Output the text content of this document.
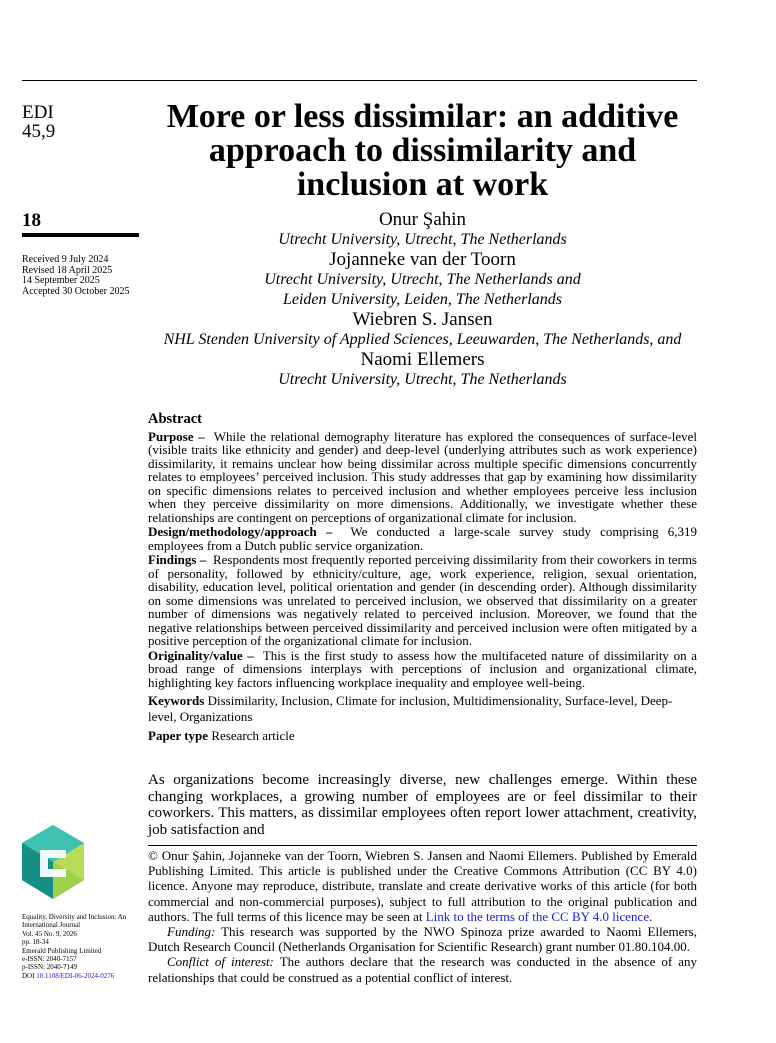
EDI
45,9
18
Received 9 July 2024
Revised 18 April 2025
14 September 2025
Accepted 30 October 2025
Equality, Diversity and Inclusion: An International Journal
Vol. 45 No. 9, 2026
pp. 18-34
Emerald Publishing Limited
e-ISSN: 2040-7157
p-ISSN: 2040-7149
DOI 10.1108/EDI-06-2024-0276
More or less dissimilar: an additive approach to dissimilarity and inclusion at work
Onur Şahin
Utrecht University, Utrecht, The Netherlands
Jojanneke van der Toorn
Utrecht University, Utrecht, The Netherlands and
Leiden University, Leiden, The Netherlands
Wiebren S. Jansen
NHL Stenden University of Applied Sciences, Leeuwarden, The Netherlands, and
Naomi Ellemers
Utrecht University, Utrecht, The Netherlands
Abstract

Purpose – While the relational demography literature has explored the consequences of surface-level (visible traits like ethnicity and gender) and deep-level (underlying attributes such as work experience) dissimilarity, it remains unclear how being dissimilar across multiple specific dimensions concurrently relates to employees’ perceived inclusion. This study addresses that gap by examining how dissimilarity on specific dimensions relates to perceived inclusion and whether employees perceive less inclusion when they perceive dissimilarity on more dimensions. Additionally, we investigate whether these relationships are contingent on perceptions of organizational climate for inclusion.

Design/methodology/approach – We conducted a large-scale survey study comprising 6,319 employees from a Dutch public service organization.

Findings – Respondents most frequently reported perceiving dissimilarity from their coworkers in terms of personality, followed by ethnicity/culture, age, work experience, religion, sexual orientation, disability, education level, political orientation and gender (in descending order). Although dissimilarity on some dimensions was unrelated to perceived inclusion, we observed that dissimilarity on a greater number of dimensions was negatively related to perceived inclusion. Moreover, we found that the negative relationships between perceived dissimilarity and perceived inclusion were often mitigated by a positive perception of the organizational climate for inclusion.

Originality/value – This is the first study to assess how the multifaceted nature of dissimilarity on a broad range of dimensions interplays with perceptions of inclusion and organizational climate, highlighting key factors influencing workplace inequality and employee well-being.

Keywords Dissimilarity, Inclusion, Climate for inclusion, Multidimensionality, Surface-level, Deep-level, Organizations
Paper type Research article
As organizations become increasingly diverse, new challenges emerge. Within these changing workplaces, a growing number of employees are or feel dissimilar to their coworkers. This matters, as dissimilar employees often report lower attachment, creativity, job satisfaction and

© Onur Şahin, Jojanneke van der Toorn, Wiebren S. Jansen and Naomi Ellemers. Published by Emerald Publishing Limited. This article is published under the Creative Commons Attribution (CC BY 4.0) licence. Anyone may reproduce, distribute, translate and create derivative works of this article (for both commercial and non-commercial purposes), subject to full attribution to the original publication and authors. The full terms of this licence may be seen at Link to the terms of the CC BY 4.0 licence.

Funding: This research was supported by the NWO Spinoza prize awarded to Naomi Ellemers, Dutch Research Council (Netherlands Organisation for Scientific Research) grant number 01.80.104.00.

Conflict of interest: The authors declare that the research was conducted in the absence of any relationships that could be construed as a potential conflict of interest.
